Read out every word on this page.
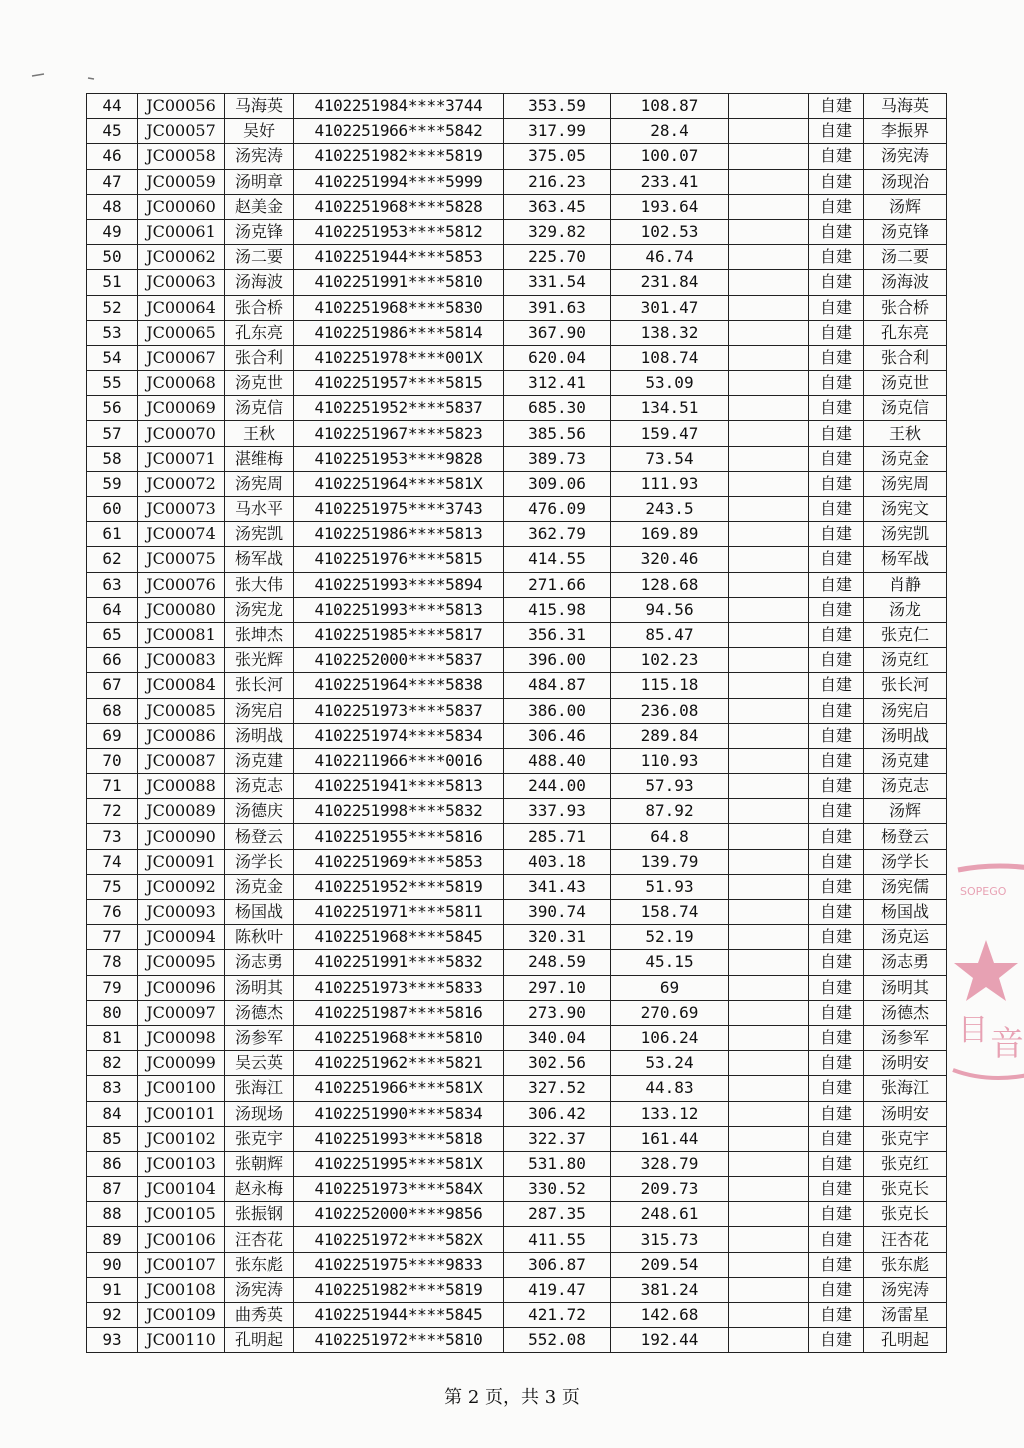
44	JC00056	马海英	4102251984****3744	353.59	108.87		自建	马海英
45	JC00057	吴好	4102251966****5842	317.99	28.4		自建	李振界
46	JC00058	汤宪涛	4102251982****5819	375.05	100.07		自建	汤宪涛
47	JC00059	汤明章	4102251994****5999	216.23	233.41		自建	汤现治
48	JC00060	赵美金	4102251968****5828	363.45	193.64		自建	汤辉
49	JC00061	汤克锋	4102251953****5812	329.82	102.53		自建	汤克锋
50	JC00062	汤二要	4102251944****5853	225.70	46.74		自建	汤二要
51	JC00063	汤海波	4102251991****5810	331.54	231.84		自建	汤海波
52	JC00064	张合桥	4102251968****5830	391.63	301.47		自建	张合桥
53	JC00065	孔东亮	4102251986****5814	367.90	138.32		自建	孔东亮
54	JC00067	张合利	4102251978****001X	620.04	108.74		自建	张合利
55	JC00068	汤克世	4102251957****5815	312.41	53.09		自建	汤克世
56	JC00069	汤克信	4102251952****5837	685.30	134.51		自建	汤克信
57	JC00070	王秋	4102251967****5823	385.56	159.47		自建	王秋
58	JC00071	湛维梅	4102251953****9828	389.73	73.54		自建	汤克金
59	JC00072	汤宪周	4102251964****581X	309.06	111.93		自建	汤宪周
60	JC00073	马水平	4102251975****3743	476.09	243.5		自建	汤宪文
61	JC00074	汤宪凯	4102251986****5813	362.79	169.89		自建	汤宪凯
62	JC00075	杨军战	4102251976****5815	414.55	320.46		自建	杨军战
63	JC00076	张大伟	4102251993****5894	271.66	128.68		自建	肖静
64	JC00080	汤宪龙	4102251993****5813	415.98	94.56		自建	汤龙
65	JC00081	张坤杰	4102251985****5817	356.31	85.47		自建	张克仁
66	JC00083	张光辉	4102252000****5837	396.00	102.23		自建	汤克红
67	JC00084	张长河	4102251964****5838	484.87	115.18		自建	张长河
68	JC00085	汤宪启	4102251973****5837	386.00	236.08		自建	汤宪启
69	JC00086	汤明战	4102251974****5834	306.46	289.84		自建	汤明战
70	JC00087	汤克建	4102211966****0016	488.40	110.93		自建	汤克建
71	JC00088	汤克志	4102251941****5813	244.00	57.93		自建	汤克志
72	JC00089	汤德庆	4102251998****5832	337.93	87.92		自建	汤辉
73	JC00090	杨登云	4102251955****5816	285.71	64.8		自建	杨登云
74	JC00091	汤学长	4102251969****5853	403.18	139.79		自建	汤学长
75	JC00092	汤克金	4102251952****5819	341.43	51.93		自建	汤宪儒
76	JC00093	杨国战	4102251971****5811	390.74	158.74		自建	杨国战
77	JC00094	陈秋叶	4102251968****5845	320.31	52.19		自建	汤克运
78	JC00095	汤志勇	4102251991****5832	248.59	45.15		自建	汤志勇
79	JC00096	汤明其	4102251973****5833	297.10	69		自建	汤明其
80	JC00097	汤德杰	4102251987****5816	273.90	270.69		自建	汤德杰
81	JC00098	汤参军	4102251968****5810	340.04	106.24		自建	汤参军
82	JC00099	吴云英	4102251962****5821	302.56	53.24		自建	汤明安
83	JC00100	张海江	4102251966****581X	327.52	44.83		自建	张海江
84	JC00101	汤现场	4102251990****5834	306.42	133.12		自建	汤明安
85	JC00102	张克宇	4102251993****5818	322.37	161.44		自建	张克宇
86	JC00103	张朝辉	4102251995****581X	531.80	328.79		自建	张克红
87	JC00104	赵永梅	4102251973****584X	330.52	209.73		自建	张克长
88	JC00105	张振钢	4102252000****9856	287.35	248.61		自建	张克长
89	JC00106	汪杏花	4102251972****582X	411.55	315.73		自建	汪杏花
90	JC00107	张东彪	4102251975****9833	306.87	209.54		自建	张东彪
91	JC00108	汤宪涛	4102251982****5819	419.47	381.24		自建	汤宪涛
92	JC00109	曲秀英	4102251944****5845	421.72	142.68		自建	汤雷星
93	JC00110	孔明起	4102251972****5810	552.08	192.44		自建	孔明起
SOPEGO
目 音
第 2 页，共 3 页
